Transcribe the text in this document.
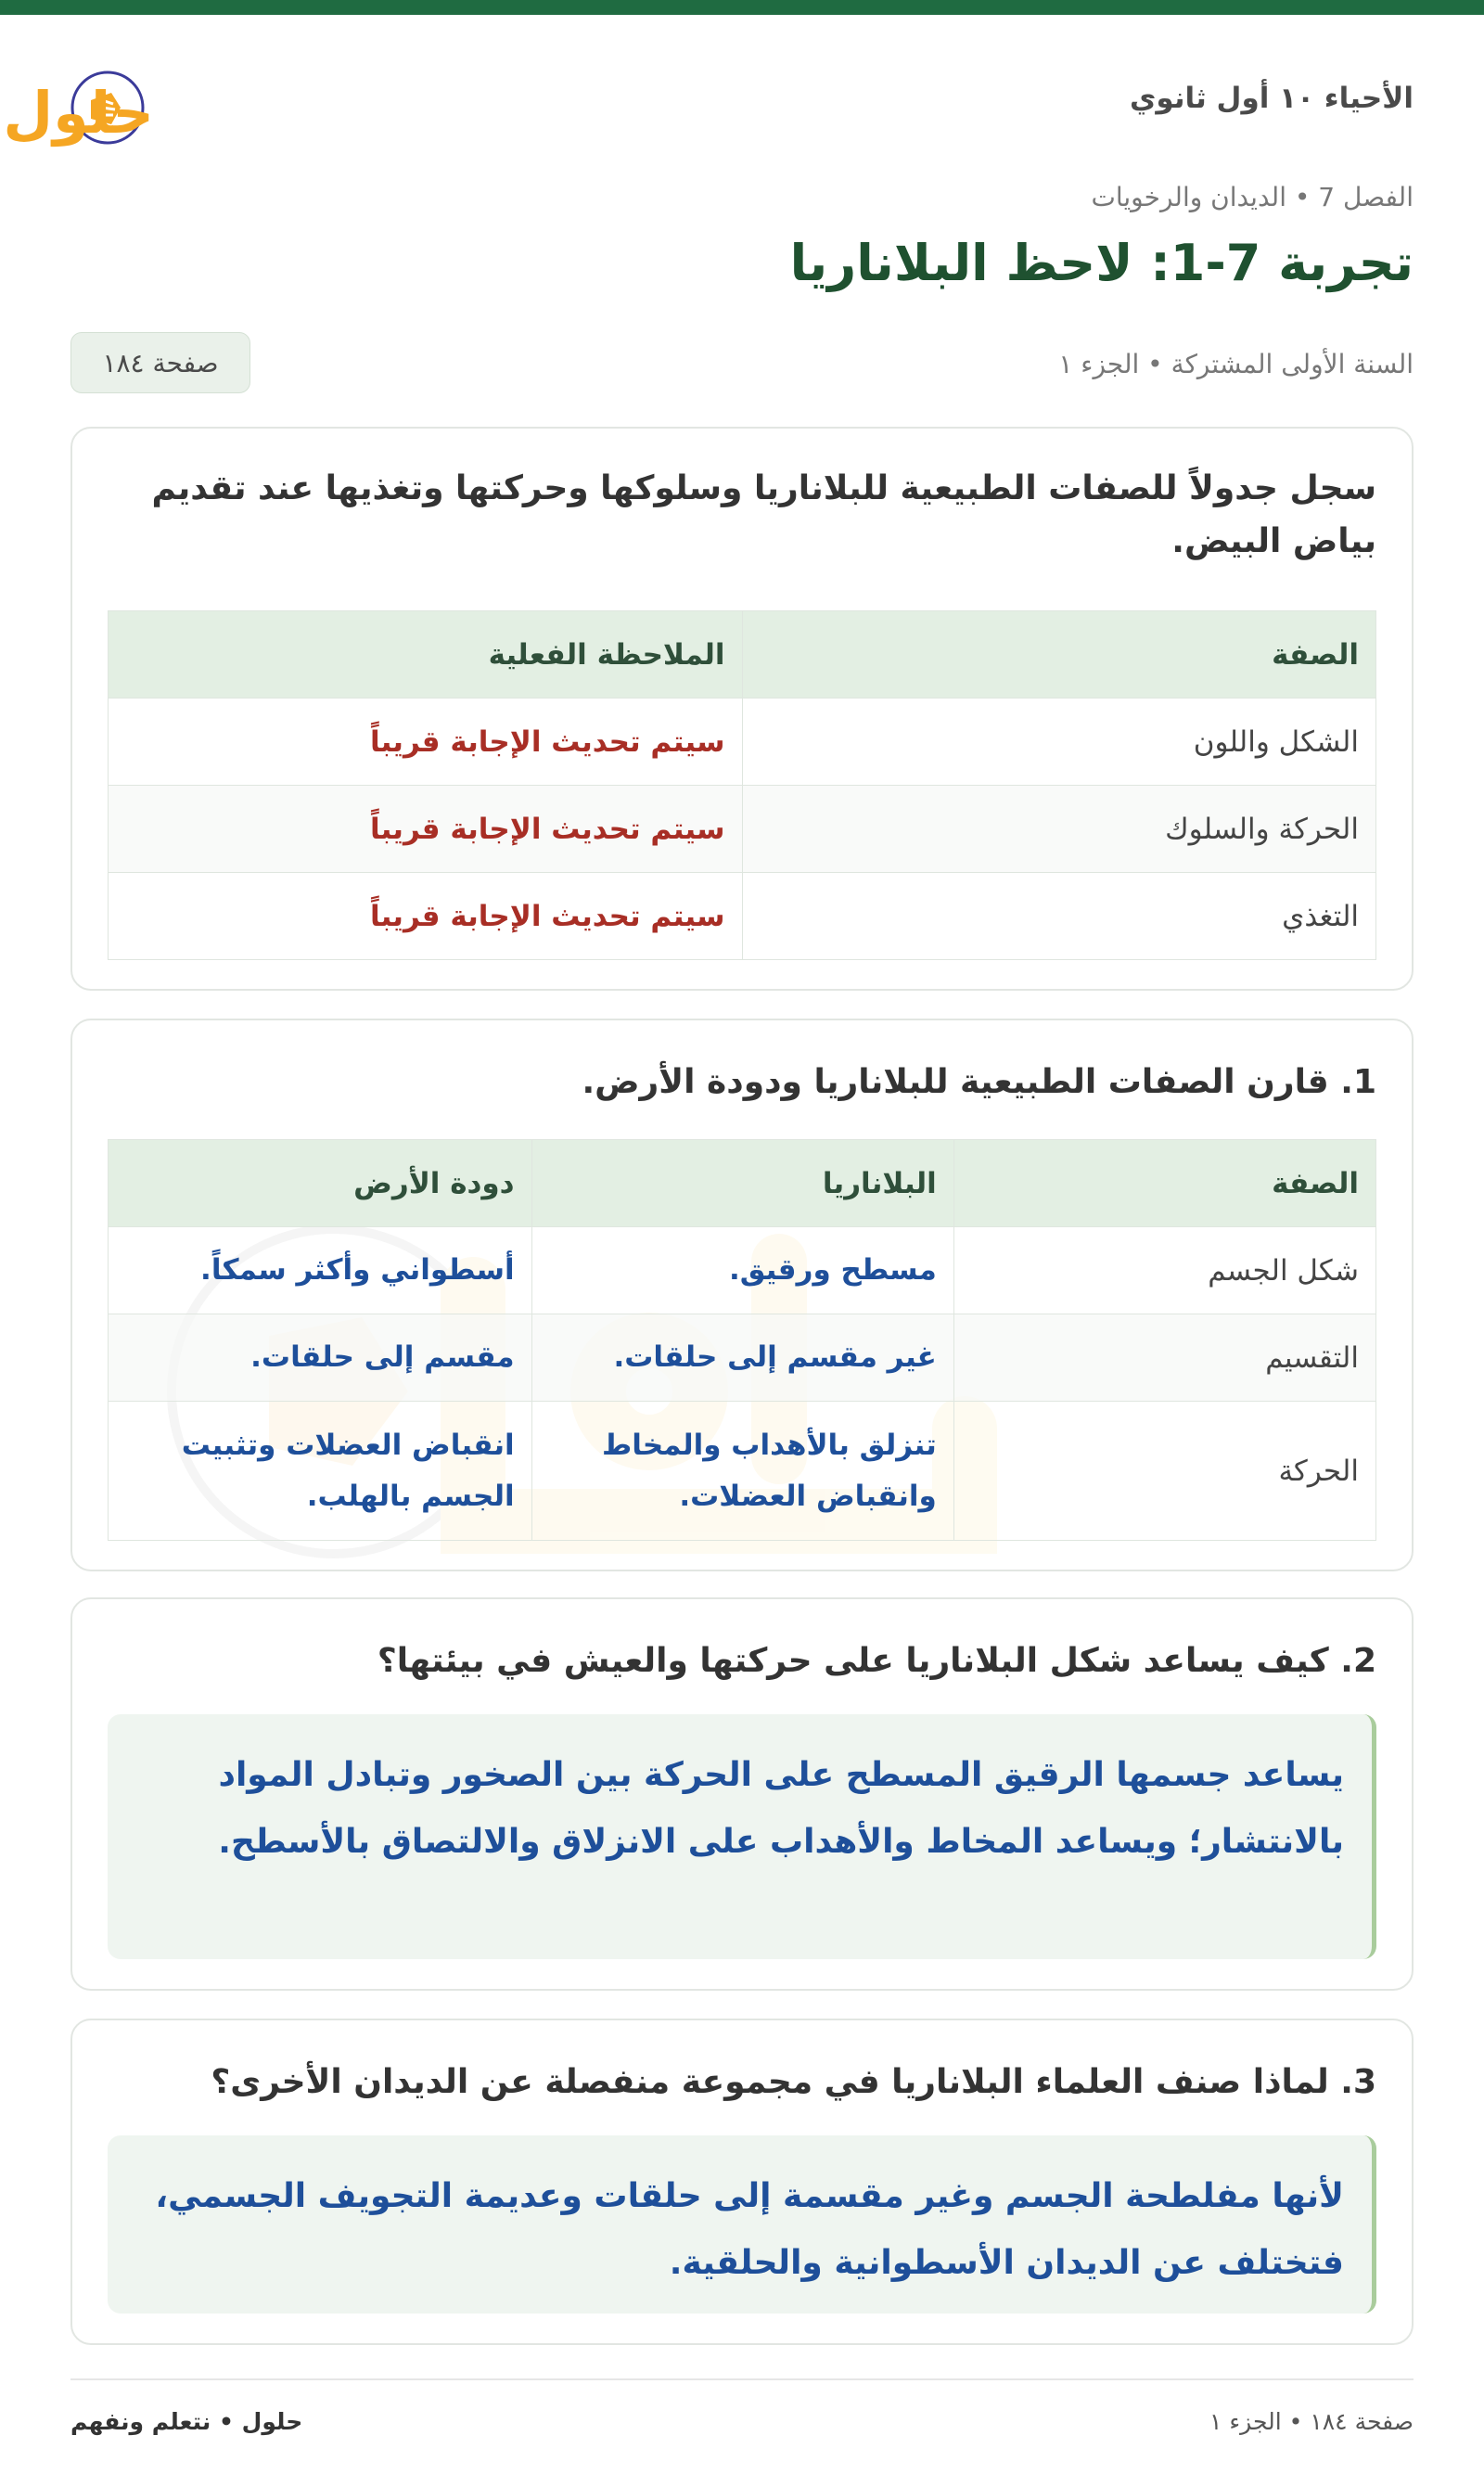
الأحياء ١٠ أول ثانوي
حلول
الفصل 7 • الديدان والرخويات
تجربة 7-1: لاحظ البلاناريا
السنة الأولى المشتركة • الجزء ١
صفحة ١٨٤
سجل جدولاً للصفات الطبيعية للبلاناريا وسلوكها وحركتها وتغذيها عند تقديم بياض البيض.
الصفة	الملاحظة الفعلية
الشكل واللون	سيتم تحديث الإجابة قريباً
الحركة والسلوك	سيتم تحديث الإجابة قريباً
التغذي	سيتم تحديث الإجابة قريباً
1. قارن الصفات الطبيعية للبلاناريا ودودة الأرض.
الصفة	البلاناريا	دودة الأرض
شكل الجسم	مسطح ورقيق.	أسطواني وأكثر سمكاً.
التقسيم	غير مقسم إلى حلقات.	مقسم إلى حلقات.
الحركة	تنزلق بالأهداب والمخاط وانقباض العضلات.	انقباض العضلات وتثبيت الجسم بالهلب.
2. كيف يساعد شكل البلاناريا على حركتها والعيش في بيئتها؟
يساعد جسمها الرقيق المسطح على الحركة بين الصخور وتبادل المواد بالانتشار؛ ويساعد المخاط والأهداب على الانزلاق والالتصاق بالأسطح.
3. لماذا صنف العلماء البلاناريا في مجموعة منفصلة عن الديدان الأخرى؟
لأنها مفلطحة الجسم وغير مقسمة إلى حلقات وعديمة التجويف الجسمي، فتختلف عن الديدان الأسطوانية والحلقية.
صفحة ١٨٤ • الجزء ١
حلول • نتعلم ونفهم
